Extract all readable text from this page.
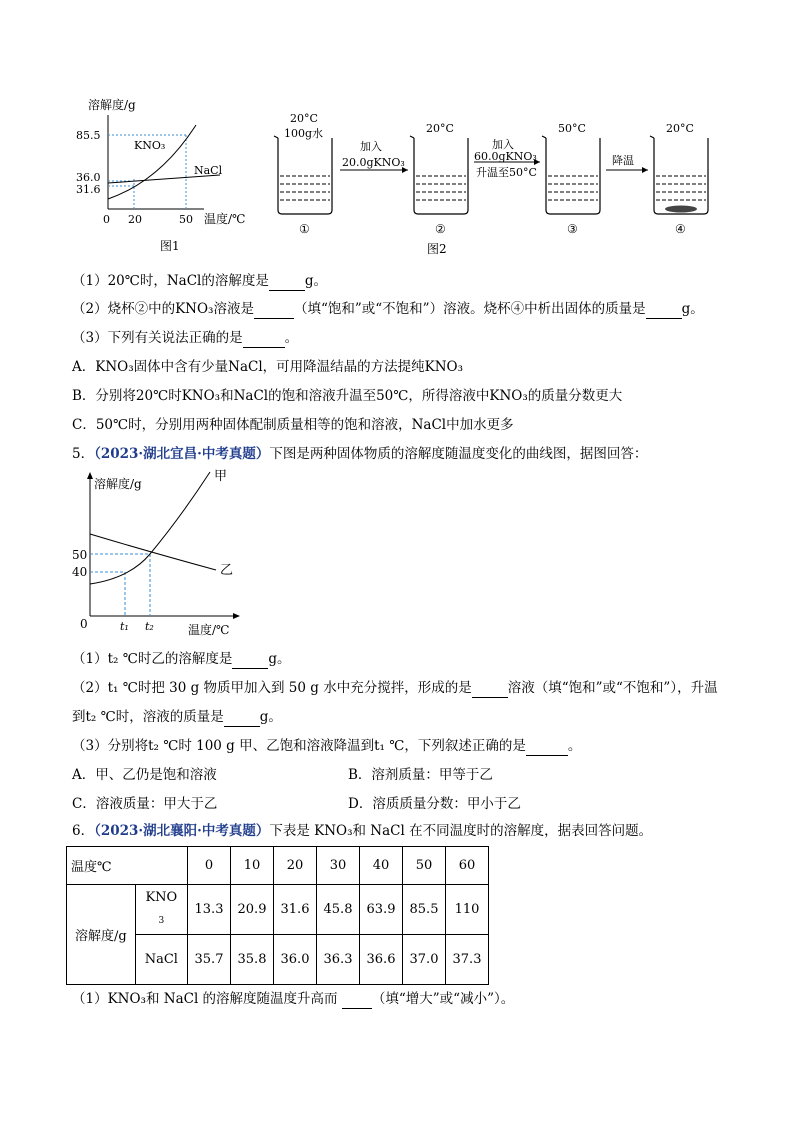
溶解度/g
85.5
36.0
31.6
0 20	50 温度/℃
KNO₃
NaCl
图1
20°C
100g水	20°C	50°C	20°C
加入
20.0gKNO₃
加入
60.0gKNO₃
升温至50°C
降温
①	②	③	④
图2
（1）20℃时，NaCl的溶解度是	g。
（2）烧杯②中的KNO₃溶液是	（填“饱和”或“不饱和”）溶液。烧杯④中析出固体的质量是	g。
（3）下列有关说法正确的是	。
A．KNO₃固体中含有少量NaCl，可用降温结晶的方法提纯KNO₃
B．分别将20℃时KNO₃和NaCl的饱和溶液升温至50℃，所得溶液中KNO₃的质量分数更大
C．50℃时，分别用两种固体配制质量相等的饱和溶液，NaCl中加水更多
5．（2023·湖北宜昌·中考真题）下图是两种固体物质的溶解度随温度变化的曲线图，据图回答：
溶解度/g	甲
乙
50
40
0	t₁ t₂	温度/℃
（1）t₂ ℃时乙的溶解度是	g。
（2）t₁ ℃时把 30 g 物质甲加入到 50 g 水中充分搅拌，形成的是	溶液（填“饱和”或“不饱和”），升温
到t₂ ℃时，溶液的质量是	g。
（3）分别将t₂ ℃时 100 g 甲、乙饱和溶液降温到t₁ ℃，下列叙述正确的是	。
A．甲、乙仍是饱和溶液	B．溶剂质量：甲等于乙
C．溶液质量：甲大于乙	D．溶质质量分数：甲小于乙
6．（2023·湖北襄阳·中考真题）下表是 KNO₃和 NaCl 在不同温度时的溶解度，据表回答问题。
温度℃		0	10	20	30	40	50	60
溶解度/g	KNO
3	13.3	20.9	31.6	45.8	63.9	85.5	110
	NaCl	35.7	35.8	36.0	36.3	36.6	37.0	37.3
（1）KNO₃和 NaCl 的溶解度随温度升高而	（填“增大”或“减小”）。
